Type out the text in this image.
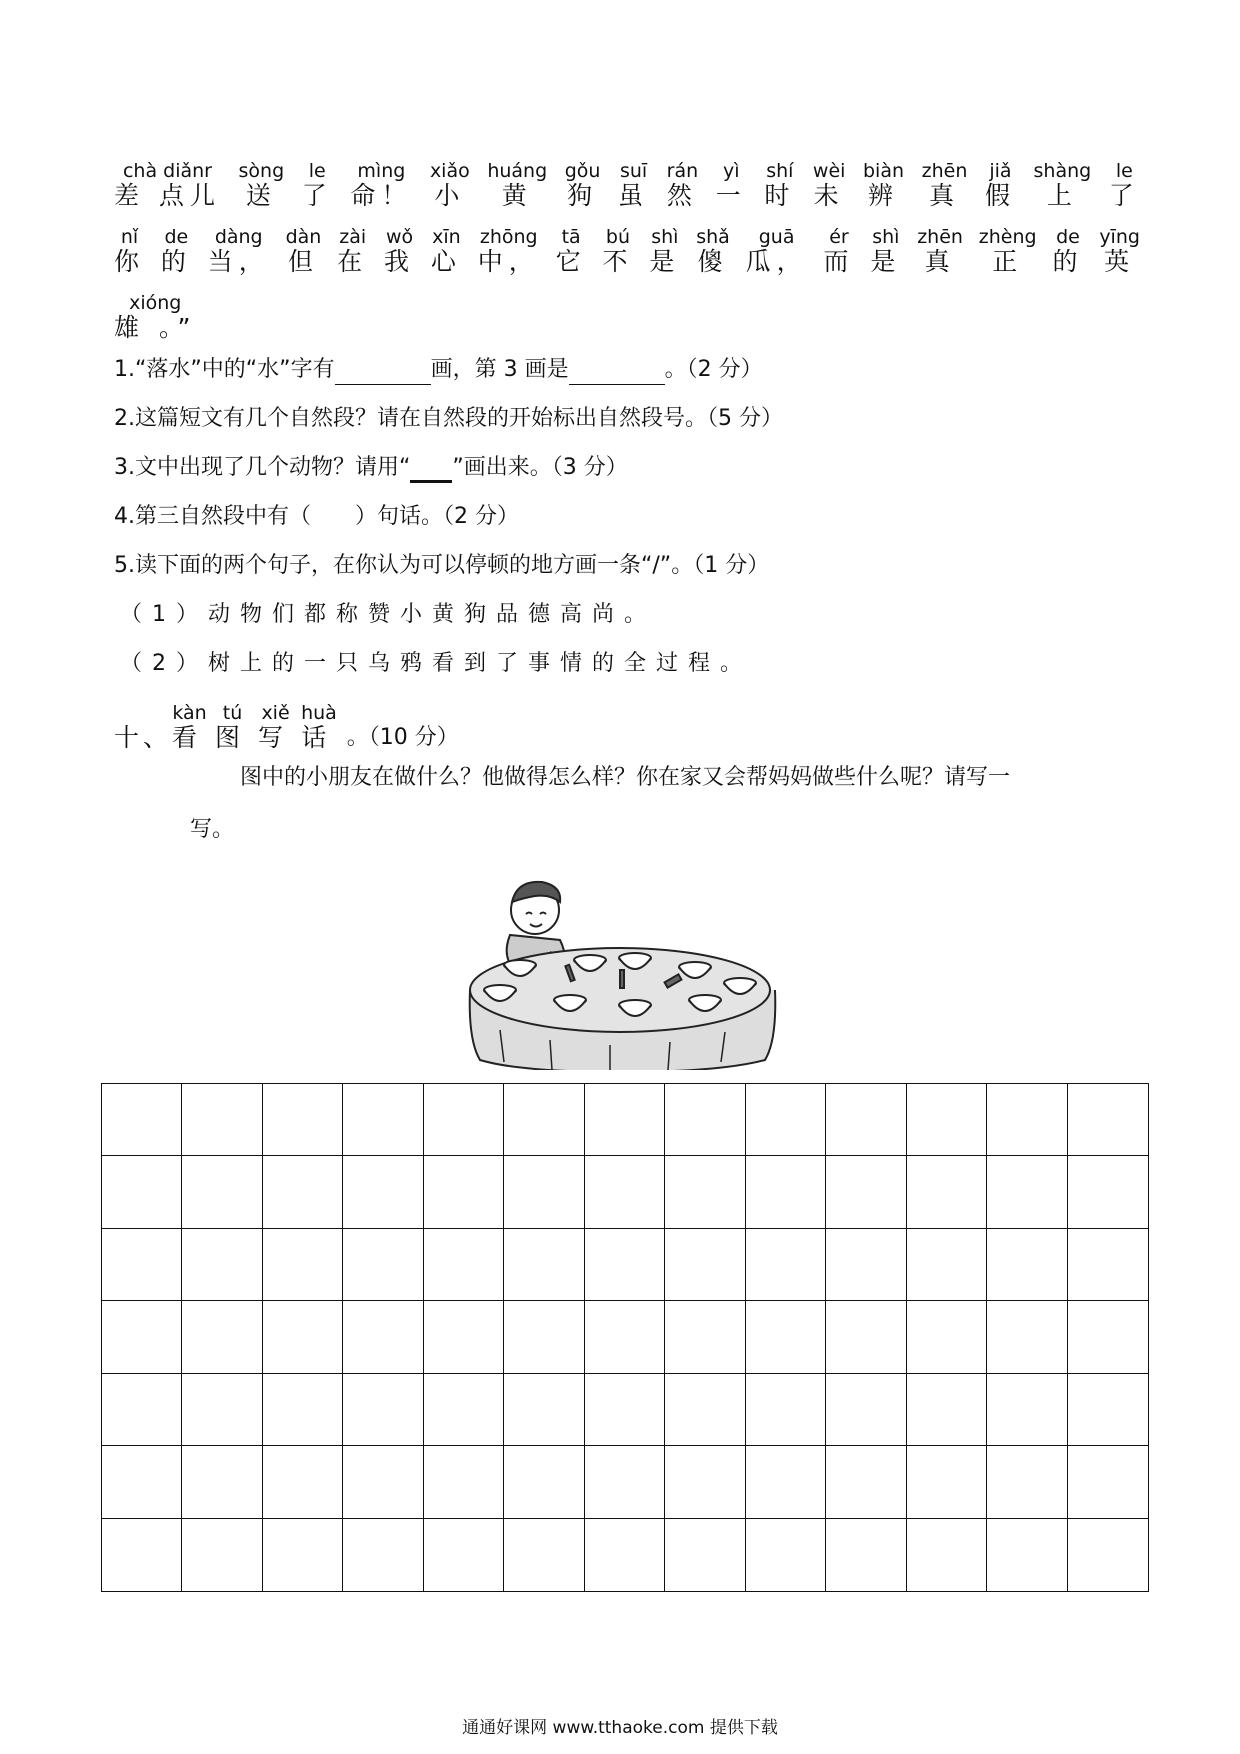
chà diǎnr
差 点儿
sòng
送
le
了
mìng
命！
xiǎo
小
huáng
黄
gǒu
狗
suī
虽
rán
然
yì
一
shí
时
wèi
未
biàn
辨
zhēn
真
jiǎ
假
shàng
上
le
了
nǐ
你
de
的
dàng
当，
dàn
但
zài
在
wǒ
我
xīn
心
zhōng
中，
tā
它
bú
不
shì
是
shǎ
傻
guā
瓜，
ér
而
shì
是
zhēn
真
zhèng
正
de
的
yīng
英
xióng
雄 。”
1.“落水”中的“水”字有	画，第 3 画是	。（2 分）
2.这篇短文有几个自然段？请在自然段的开始标出自然段号。（5 分）
3.文中出现了几个动物？请用“ ”画出来。（3 分）
4.第三自然段中有（ ）句话。（2 分）
5.读下面的两个句子，在你认为可以停顿的地方画一条“/”。（1 分）
（1）动物们都称赞小黄狗品德高尚。
（2）树上的一只乌鸦看到了事情的全过程。
十、
kàn
看
tú
图
xiě
写
huà
话 。（10 分）
图中的小朋友在做什么？他做得怎么样？你在家又会帮妈妈做些什么呢？请写一
写。
通通好课网 www.tthaoke.com 提供下载
